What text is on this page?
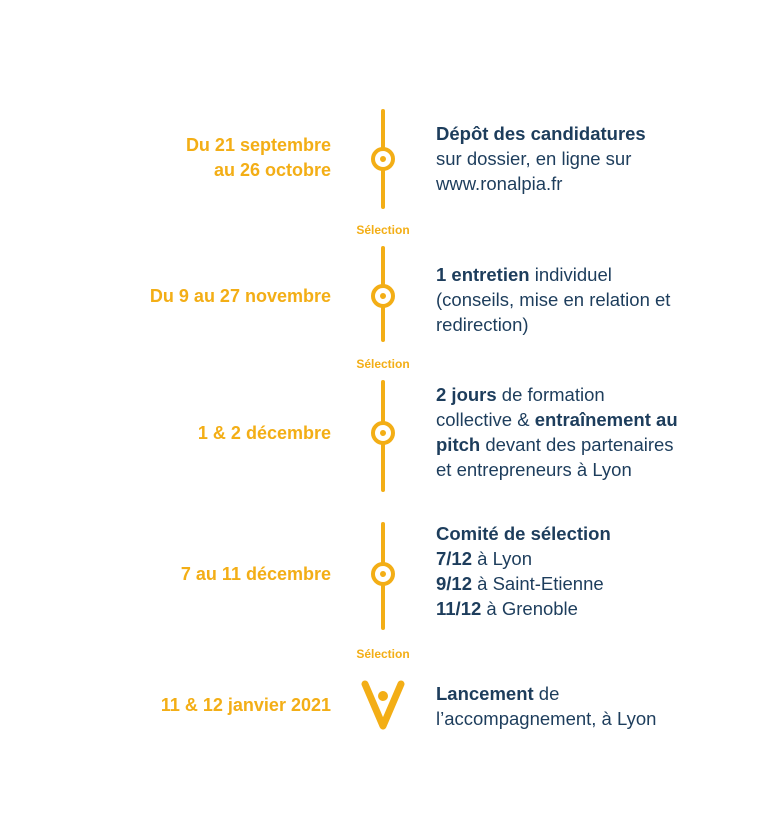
Sélection
Sélection
Sélection
Du 21 septembre
au 26 octobre
Dépôt des candidatures
sur dossier, en ligne sur
www.ronalpia.fr
Du 9 au 27 novembre
1 entretien individuel
(conseils, mise en relation et
redirection)
1 & 2 décembre
2 jours de formation
collective & entraînement au
pitch devant des partenaires
et entrepreneurs à Lyon
7 au 11 décembre
Comité de sélection
7/12 à Lyon
9/12 à Saint-Etienne
11/12 à Grenoble
11 & 12 janvier 2021
Lancement de
l’accompagnement, à Lyon
